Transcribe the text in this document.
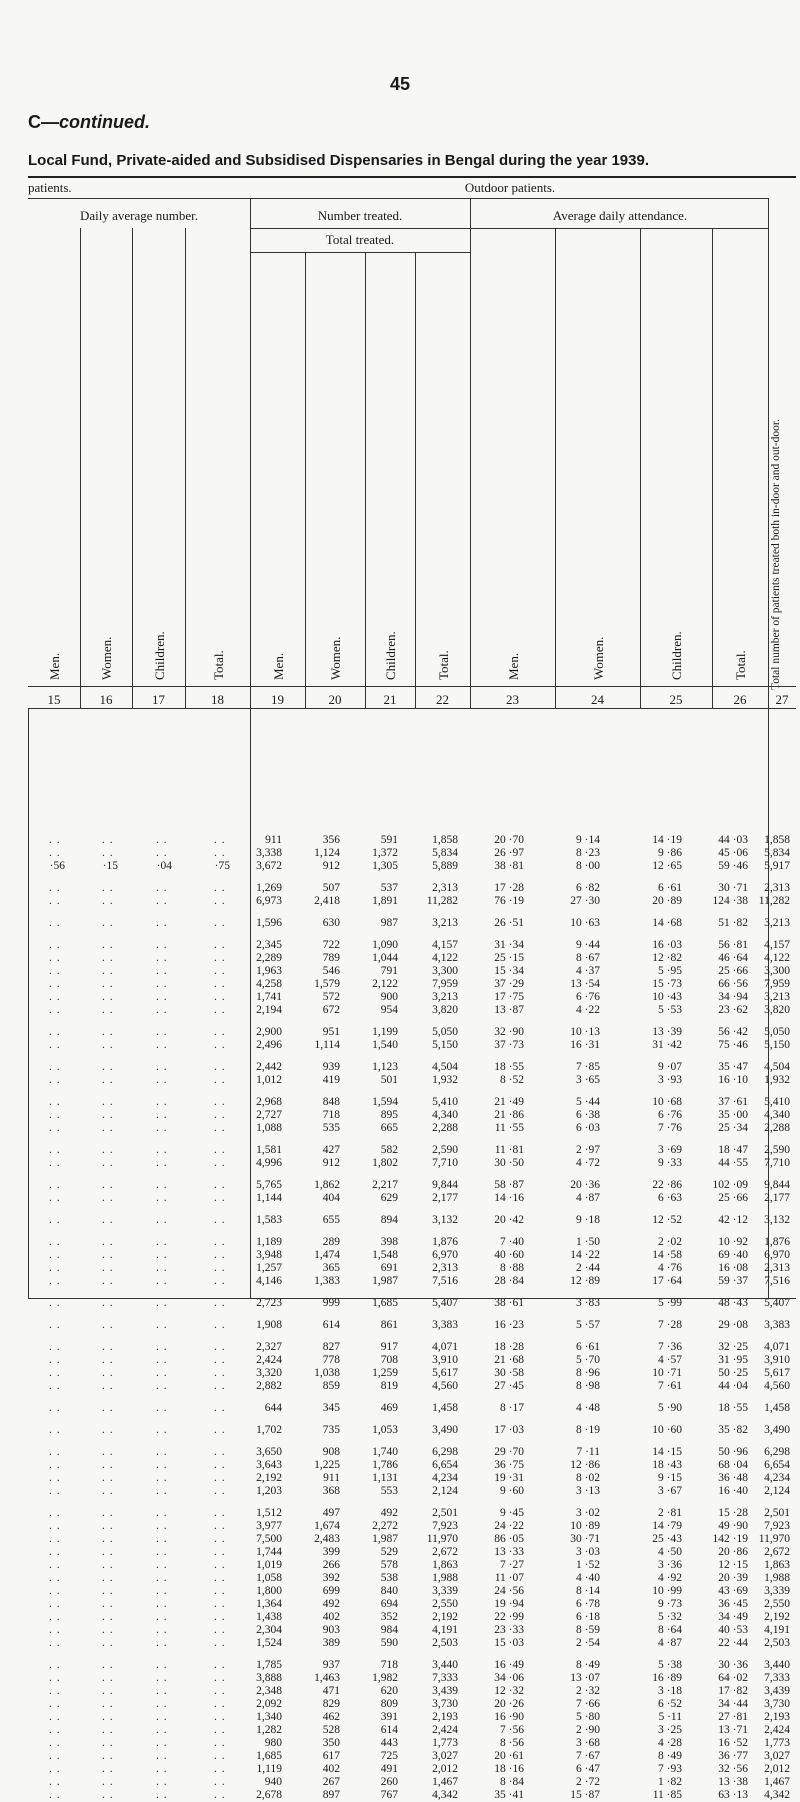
45
C—continued.
Local Fund, Private-aided and Subsidised Dispensaries in Bengal during the year 1939.
patients.	Outdoor patients.
Daily average number.	Number treated.	Average daily attendance.
Total treated.
Men.	Women.	Children.	Total.	Men.	Women.	Children.	Total.	Men.	Women.	Children.	Total. Total number of patients treated both in-door and out-door.
15	16	17	18	19	20	21	22	23	24	25	26	27
. .	. .	. .	. .	911	356	591	1,858	20 ·70	9 ·14	14 ·19	44 ·03 1,858
. .	. .	. .	. .	3,338	1,124	1,372	5,834	26 ·97	8 ·23	9 ·86	45 ·06 5,834
·56	·15	·04	·75 3,672	912	1,305	5,889	38 ·81	8 ·00	12 ·65	59 ·46 5,917
. .	. .	. .	. .	1,269	507	537	2,313	17 ·28	6 ·82	6 ·61	30 ·71 2,313
. .	. .	. .	. .	6,973	2,418	1,891	11,282	76 ·19	27 ·30	20 ·89	124 ·38 11,282
. .	. .	. .	. .	1,596	630	987	3,213	26 ·51	10 ·63	14 ·68	51 ·82 3,213
. .	. .	. .	. .	2,345	722	1,090	4,157	31 ·34	9 ·44	16 ·03	56 ·81 4,157
. .	. .	. .	. .	2,289	789	1,044	4,122	25 ·15	8 ·67	12 ·82	46 ·64 4,122
. .	. .	. .	. .	1,963	546	791	3,300	15 ·34	4 ·37	5 ·95	25 ·66 3,300
. .	. .	. .	. .	4,258	1,579	2,122	7,959	37 ·29	13 ·54	15 ·73	66 ·56 7,959
. .	. .	. .	. .	1,741	572	900	3,213	17 ·75	6 ·76	10 ·43	34 ·94 3,213
. .	. .	. .	. .	2,194	672	954	3,820	13 ·87	4 ·22	5 ·53	23 ·62 3,820
. .	. .	. .	. .	2,900	951	1,199	5,050	32 ·90	10 ·13	13 ·39	56 ·42 5,050
. .	. .	. .	. .	2,496	1,114	1,540	5,150	37 ·73	16 ·31	31 ·42	75 ·46 5,150
. .	. .	. .	. .	2,442	939	1,123	4,504	18 ·55	7 ·85	9 ·07	35 ·47 4,504
. .	. .	. .	. .	1,012	419	501	1,932	8 ·52	3 ·65	3 ·93	16 ·10 1,932
. .	. .	. .	. .	2,968	848	1,594	5,410	21 ·49	5 ·44	10 ·68	37 ·61 5,410
. .	. .	. .	. .	2,727	718	895	4,340	21 ·86	6 ·38	6 ·76	35 ·00 4,340
. .	. .	. .	. .	1,088	535	665	2,288	11 ·55	6 ·03	7 ·76	25 ·34 2,288
. .	. .	. .	. .	1,581	427	582	2,590	11 ·81	2 ·97	3 ·69	18 ·47 2,590
. .	. .	. .	. .	4,996	912	1,802	7,710	30 ·50	4 ·72	9 ·33	44 ·55 7,710
. .	. .	. .	. .	5,765	1,862	2,217	9,844	58 ·87	20 ·36	22 ·86	102 ·09 9,844
. .	. .	. .	. .	1,144	404	629	2,177	14 ·16	4 ·87	6 ·63	25 ·66 2,177
. .	. .	. .	. .	1,583	655	894	3,132	20 ·42	9 ·18	12 ·52	42 ·12 3,132
. .	. .	. .	. .	1,189	289	398	1,876	7 ·40	1 ·50	2 ·02	10 ·92 1,876
. .	. .	. .	. .	3,948	1,474	1,548	6,970	40 ·60	14 ·22	14 ·58	69 ·40 6,970
. .	. .	. .	. .	1,257	365	691	2,313	8 ·88	2 ·44	4 ·76	16 ·08 2,313
. .	. .	. .	. .	4,146	1,383	1,987	7,516	28 ·84	12 ·89	17 ·64	59 ·37 7,516
. .	. .	. .	. .	2,723	999	1,685	5,407	38 ·61	3 ·83	5 ·99	48 ·43 5,407
. .	. .	. .	. .	1,908	614	861	3,383	16 ·23	5 ·57	7 ·28	29 ·08 3,383
. .	. .	. .	. .	2,327	827	917	4,071	18 ·28	6 ·61	7 ·36	32 ·25 4,071
. .	. .	. .	. .	2,424	778	708	3,910	21 ·68	5 ·70	4 ·57	31 ·95 3,910
. .	. .	. .	. .	3,320	1,038	1,259	5,617	30 ·58	8 ·96	10 ·71	50 ·25 5,617
. .	. .	. .	. .	2,882	859	819	4,560	27 ·45	8 ·98	7 ·61	44 ·04 4,560
. .	. .	. .	. .	644	345	469	1,458	8 ·17	4 ·48	5 ·90	18 ·55 1,458
. .	. .	. .	. .	1,702	735	1,053	3,490	17 ·03	8 ·19	10 ·60	35 ·82 3,490
. .	. .	. .	. .	3,650	908	1,740	6,298	29 ·70	7 ·11	14 ·15	50 ·96 6,298
. .	. .	. .	. .	3,643	1,225	1,786	6,654	36 ·75	12 ·86	18 ·43	68 ·04 6,654
. .	. .	. .	. .	2,192	911	1,131	4,234	19 ·31	8 ·02	9 ·15	36 ·48 4,234
. .	. .	. .	. .	1,203	368	553	2,124	9 ·60	3 ·13	3 ·67	16 ·40 2,124
. .	. .	. .	. .	1,512	497	492	2,501	9 ·45	3 ·02	2 ·81	15 ·28 2,501
. .	. .	. .	. .	3,977	1,674	2,272	7,923	24 ·22	10 ·89	14 ·79	49 ·90 7,923
. .	. .	. .	. .	7,500	2,483	1,987	11,970	86 ·05	30 ·71	25 ·43	142 ·19 11,970
. .	. .	. .	. .	1,744	399	529	2,672	13 ·33	3 ·03	4 ·50	20 ·86 2,672
. .	. .	. .	. .	1,019	266	578	1,863	7 ·27	1 ·52	3 ·36	12 ·15 1,863
. .	. .	. .	. .	1,058	392	538	1,988	11 ·07	4 ·40	4 ·92	20 ·39 1,988
. .	. .	. .	. .	1,800	699	840	3,339	24 ·56	8 ·14	10 ·99	43 ·69 3,339
. .	. .	. .	. .	1,364	492	694	2,550	19 ·94	6 ·78	9 ·73	36 ·45 2,550
. .	. .	. .	. .	1,438	402	352	2,192	22 ·99	6 ·18	5 ·32	34 ·49 2,192
. .	. .	. .	. .	2,304	903	984	4,191	23 ·33	8 ·59	8 ·64	40 ·53 4,191
. .	. .	. .	. .	1,524	389	590	2,503	15 ·03	2 ·54	4 ·87	22 ·44 2,503
. .	. .	. .	. .	1,785	937	718	3,440	16 ·49	8 ·49	5 ·38	30 ·36 3,440
. .	. .	. .	. .	3,888	1,463	1,982	7,333	34 ·06	13 ·07	16 ·89	64 ·02 7,333
. .	. .	. .	. .	2,348	471	620	3,439	12 ·32	2 ·32	3 ·18	17 ·82 3,439
. .	. .	. .	. .	2,092	829	809	3,730	20 ·26	7 ·66	6 ·52	34 ·44 3,730
. .	. .	. .	. .	1,340	462	391	2,193	16 ·90	5 ·80	5 ·11	27 ·81 2,193
. .	. .	. .	. .	1,282	528	614	2,424	7 ·56	2 ·90	3 ·25	13 ·71 2,424
. .	. .	. .	. .	980	350	443	1,773	8 ·56	3 ·68	4 ·28	16 ·52 1,773
. .	. .	. .	. .	1,685	617	725	3,027	20 ·61	7 ·67	8 ·49	36 ·77 3,027
. .	. .	. .	. .	1,119	402	491	2,012	18 ·16	6 ·47	7 ·93	32 ·56 2,012
. .	. .	. .	. .	940	267	260	1,467	8 ·84	2 ·72	1 ·82	13 ·38 1,467
. .	. .	. .	. .	2,678	897	767	4,342	35 ·41	15 ·87	11 ·85	63 ·13 4,342
